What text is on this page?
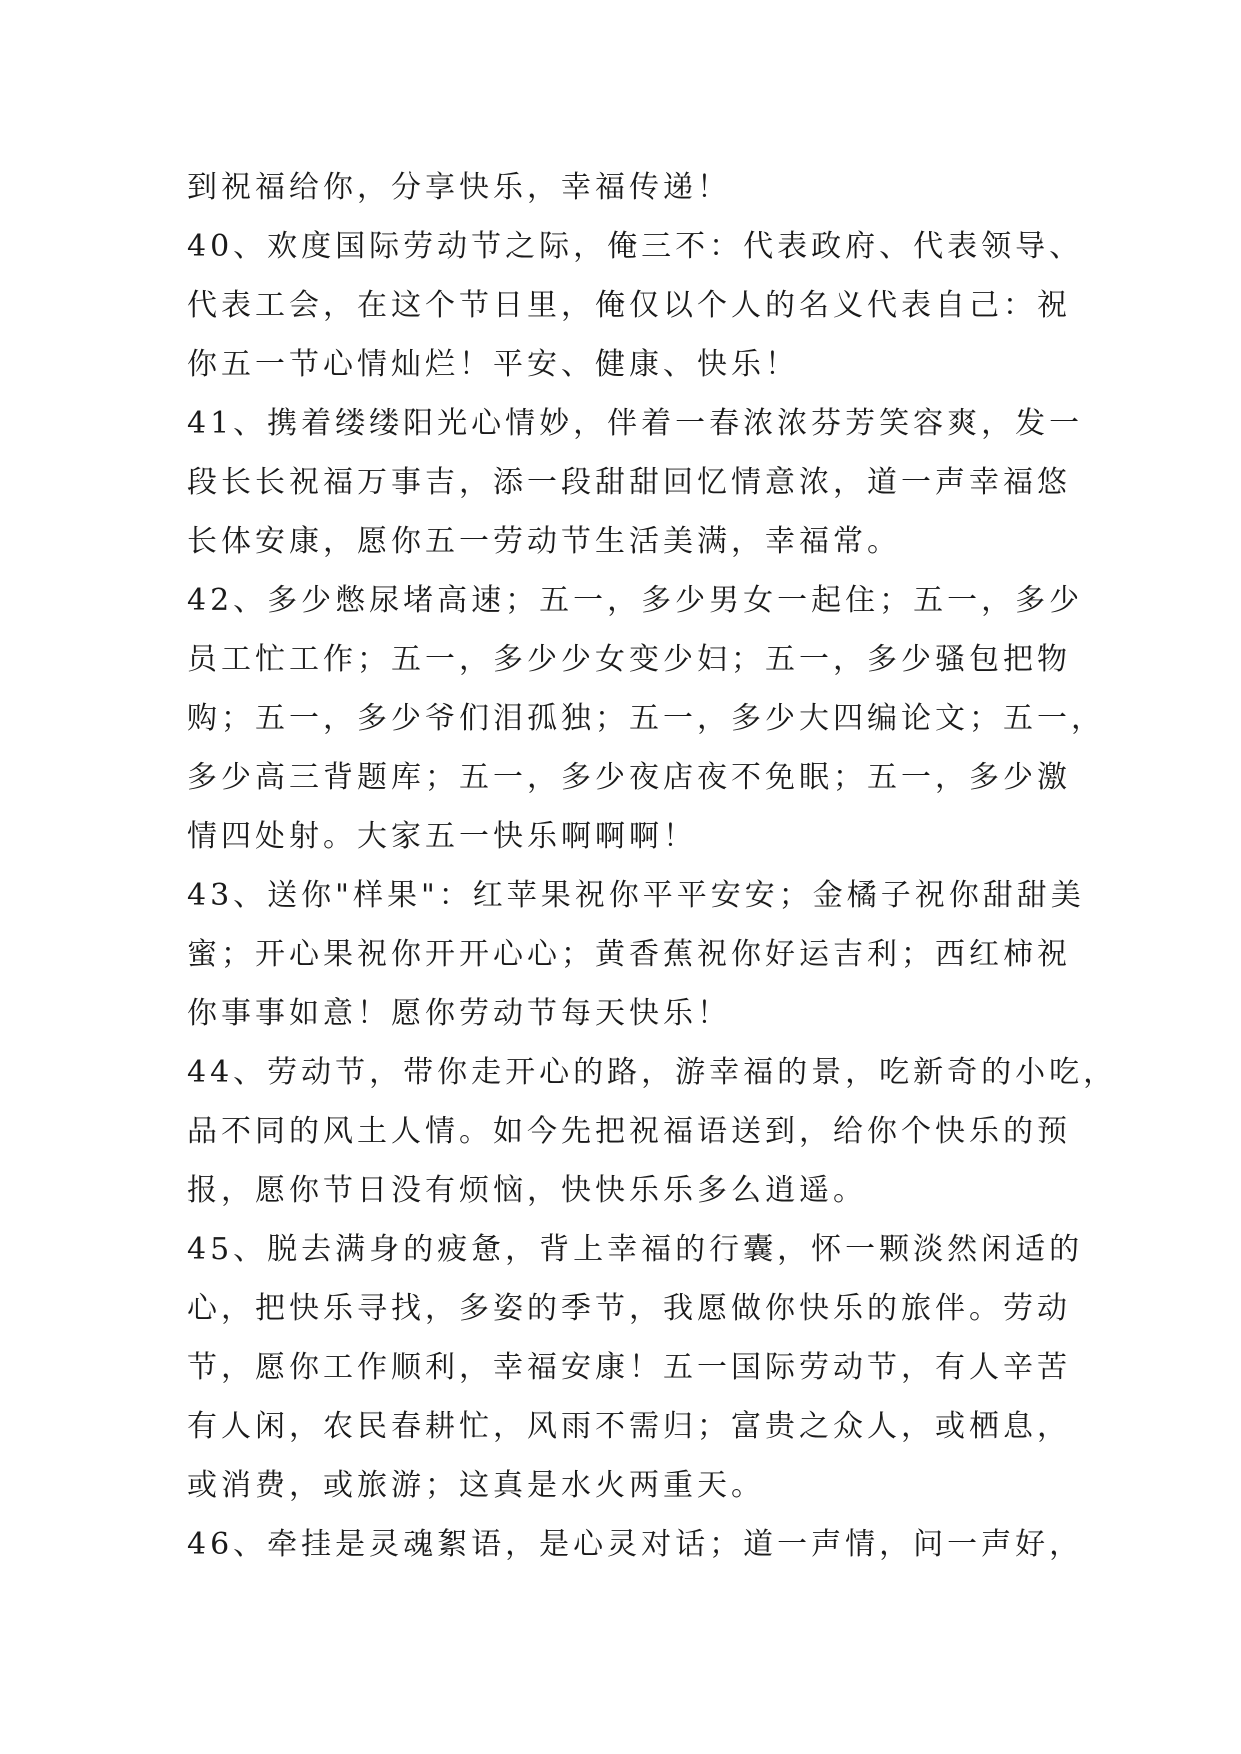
到祝福给你，分享快乐，幸福传递！
40、欢度国际劳动节之际，俺三不：代表政府、代表领导、
代表工会，在这个节日里，俺仅以个人的名义代表自己：祝
你五一节心情灿烂！平安、健康、快乐！
41、携着缕缕阳光心情妙，伴着一春浓浓芬芳笑容爽，发一
段长长祝福万事吉，添一段甜甜回忆情意浓，道一声幸福悠
长体安康，愿你五一劳动节生活美满，幸福常。
42、多少憋尿堵高速；五一，多少男女一起住；五一，多少
员工忙工作；五一，多少少女变少妇；五一，多少骚包把物
购；五一，多少爷们泪孤独；五一，多少大四编论文；五一，
多少高三背题库；五一，多少夜店夜不免眠；五一，多少激
情四处射。大家五一快乐啊啊啊！
43、送你"样果"：红苹果祝你平平安安；金橘子祝你甜甜美
蜜；开心果祝你开开心心；黄香蕉祝你好运吉利；西红柿祝
你事事如意！愿你劳动节每天快乐！
44、劳动节，带你走开心的路，游幸福的景，吃新奇的小吃，
品不同的风土人情。如今先把祝福语送到，给你个快乐的预
报，愿你节日没有烦恼，快快乐乐多么逍遥。
45、脱去满身的疲惫，背上幸福的行囊，怀一颗淡然闲适的
心，把快乐寻找，多姿的季节，我愿做你快乐的旅伴。劳动
节，愿你工作顺利，幸福安康！五一国际劳动节，有人辛苦
有人闲，农民春耕忙，风雨不需归；富贵之众人，或栖息，
或消费，或旅游；这真是水火两重天。
46、牵挂是灵魂絮语，是心灵对话；道一声情，问一声好，
